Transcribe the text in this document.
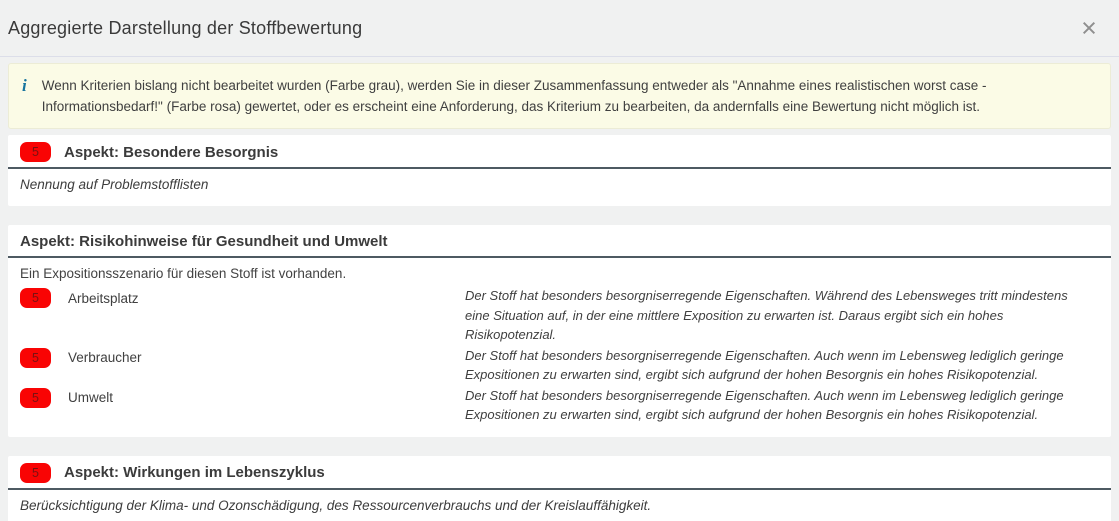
Aggregierte Darstellung der Stoffbewertung	×
i Wenn Kriterien bislang nicht bearbeitet wurden (Farbe grau), werden Sie in dieser Zusammenfassung entweder als "Annahme eines realistischen worst case - Informationsbedarf!" (Farbe rosa) gewertet, oder es erscheint eine Anforderung, das Kriterium zu bearbeiten, da andernfalls eine Bewertung nicht möglich ist.
5	Aspekt: Besondere Besorgnis
Nennung auf Problemstofflisten
Aspekt: Risikohinweise für Gesundheit und Umwelt
Ein Expositionsszenario für diesen Stoff ist vorhanden.
5	Arbeitsplatz	Der Stoff hat besonders besorgniserregende Eigenschaften. Während des Lebensweges tritt mindestens eine Situation auf, in der eine mittlere Exposition zu erwarten ist. Daraus ergibt sich ein hohes Risikopotenzial.
5	Verbraucher	Der Stoff hat besonders besorgniserregende Eigenschaften. Auch wenn im Lebensweg lediglich geringe Expositionen zu erwarten sind, ergibt sich aufgrund der hohen Besorgnis ein hohes Risikopotenzial.
5	Umwelt	Der Stoff hat besonders besorgniserregende Eigenschaften. Auch wenn im Lebensweg lediglich geringe Expositionen zu erwarten sind, ergibt sich aufgrund der hohen Besorgnis ein hohes Risikopotenzial.
5	Aspekt: Wirkungen im Lebenszyklus
Berücksichtigung der Klima- und Ozonschädigung, des Ressourcenverbrauchs und der Kreislauffähigkeit.
